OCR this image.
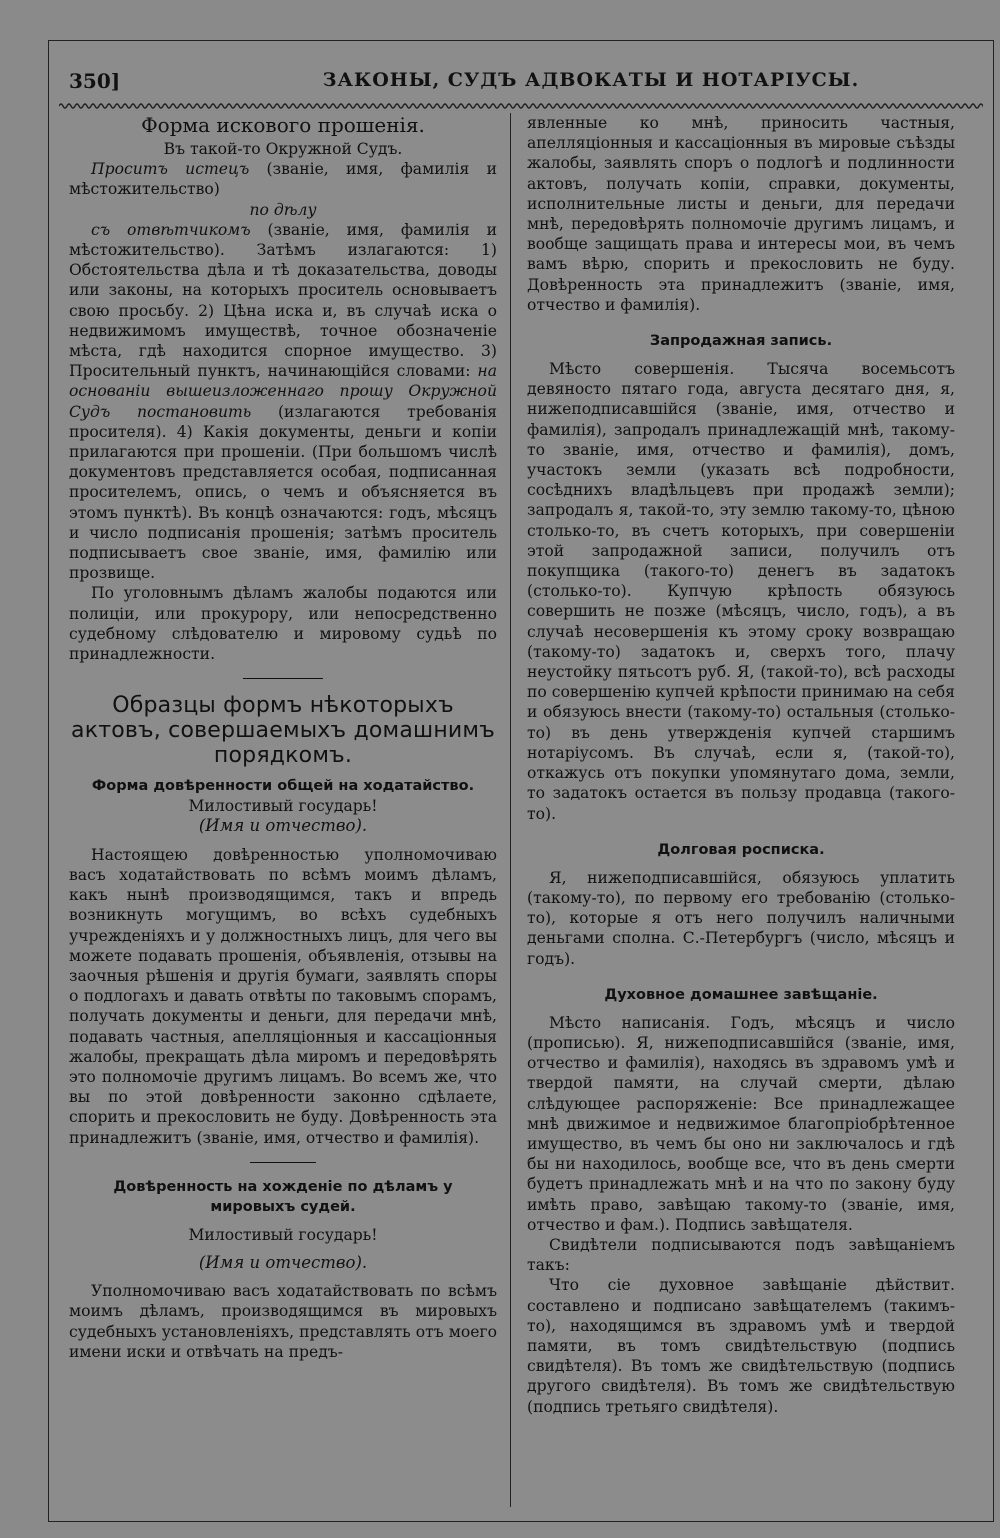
350]	ЗАКОНЫ, СУДЪ АДВОКАТЫ И НОТАРІУСЫ.

Форма искового прошенія.

Въ такой-то Окружной Судъ.

Проситъ истецъ (званіе, имя, фамилія и мѣстожительство)

по дѣлу

съ отвѣтчикомъ (званіе, имя, фамилія и мѣстожительство). Затѣмъ излагаются: 1) Обстоятельства дѣла и тѣ доказательства, доводы или законы, на которыхъ проситель основываетъ свою просьбу. 2) Цѣна иска и, въ случаѣ иска о недвижимомъ имуществѣ, точное обозначеніе мѣста, гдѣ находится спорное имущество. 3) Просительный пунктъ, начинающійся словами: на основаніи вышеизложеннаго прошу Окружной Судъ постановить (излагаются требованія просителя). 4) Какія документы, деньги и копіи прилагаются при прошеніи. (При большомъ числѣ документовъ представляется особая, подписанная просителемъ, опись, о чемъ и объясняется въ этомъ пунктѣ). Въ концѣ означаются: годъ, мѣсяцъ и число подписанія прошенія; затѣмъ проситель подписываетъ свое званіе, имя, фамилію или прозвище.

По уголовнымъ дѣламъ жалобы подаются или полиціи, или прокурору, или непосредственно судебному слѣдователю и мировому судьѣ по принадлежности.

Образцы формъ нѣкоторыхъ актовъ, совершаемыхъ домашнимъ порядкомъ.

Форма довѣренности общей на ходатайство.

Милостивый государь!

(Имя и отчество).

Настоящею довѣренностью уполномочиваю васъ ходатайствовать по всѣмъ моимъ дѣламъ, какъ нынѣ производящимся, такъ и впредь возникнуть могущимъ, во всѣхъ судебныхъ учрежденіяхъ и у должностныхъ лицъ, для чего вы можете подавать прошенія, объявленія, отзывы на заочныя рѣшенія и другія бумаги, заявлять споры о подлогахъ и давать отвѣты по таковымъ спорамъ, получать документы и деньги, для передачи мнѣ, подавать частныя, апелляціонныя и кассаціонныя жалобы, прекращать дѣла миромъ и передовѣрять это полномочіе другимъ лицамъ. Во всемъ же, что вы по этой довѣренности законно сдѣлаете, спорить и прекословить не буду. Довѣренность эта принадлежитъ (званіе, имя, отчество и фамилія).

Довѣренность на хожденіе по дѣламъ у мировыхъ судей.

Милостивый государь!

(Имя и отчество).

Уполномочиваю васъ ходатайствовать по всѣмъ моимъ дѣламъ, производящимся въ мировыхъ судебныхъ установленіяхъ, представлять отъ моего имени иски и отвѣчать на предъ-

явленные ко мнѣ, приносить частныя, апелляціонныя и кассаціонныя въ мировые съѣзды жалобы, заявлять споръ о подлогѣ и подлинности актовъ, получать копіи, справки, документы, исполнительные листы и деньги, для передачи мнѣ, передовѣрять полномочіе другимъ лицамъ, и вообще защищать права и интересы мои, въ чемъ вамъ вѣрю, спорить и прекословить не буду. Довѣренность эта принадлежитъ (званіе, имя, отчество и фамилія).

Запродажная запись.

Мѣсто совершенія. Тысяча восемьсотъ девяносто пятаго года, августа десятаго дня, я, нижеподписавшійся (званіе, имя, отчество и фамилія), запродалъ принадлежащій мнѣ, такому-то званіе, имя, отчество и фамилія), домъ, участокъ земли (указать всѣ подробности, сосѣднихъ владѣльцевъ при продажѣ земли); запродалъ я, такой-то, эту землю такому-то, цѣною столько-то, въ счетъ которыхъ, при совершеніи этой запродажной записи, получилъ отъ покупщика (такого-то) денегъ въ задатокъ (столько-то). Купчую крѣпость обязуюсь совершить не позже (мѣсяцъ, число, годъ), а въ случаѣ несовершенія къ этому сроку возвращаю (такому-то) задатокъ и, сверхъ того, плачу неустойку пятьсотъ руб. Я, (такой-то), всѣ расходы по совершенію купчей крѣпости принимаю на себя и обязуюсь внести (такому-то) остальныя (столько-то) въ день утвержденія купчей старшимъ нотаріусомъ. Въ случаѣ, если я, (такой-то), откажусь отъ покупки упомянутаго дома, земли, то задатокъ остается въ пользу продавца (такого-то).

Долговая росписка.

Я, нижеподписавшійся, обязуюсь уплатить (такому-то), по первому его требованію (столько-то), которые я отъ него получилъ наличными деньгами сполна. С.-Петербургъ (число, мѣсяцъ и годъ).

Духовное домашнее завѣщаніе.

Мѣсто написанія. Годъ, мѣсяцъ и число (прописью). Я, нижеподписавшійся (званіе, имя, отчество и фамилія), находясь въ здравомъ умѣ и твердой памяти, на случай смерти, дѣлаю слѣдующее распоряженіе: Все принадлежащее мнѣ движимое и недвижимое благопріобрѣтенное имущество, въ чемъ бы оно ни заключалось и гдѣ бы ни находилось, вообще все, что въ день смерти будетъ принадлежать мнѣ и на что по закону буду имѣть право, завѣщаю такому-то (званіе, имя, отчество и фам.). Подпись завѣщателя.

Свидѣтели подписываются подъ завѣщаніемъ такъ:

Что сіе духовное завѣщаніе дѣйствит. составлено и подписано завѣщателемъ (такимъ-то), находящимся въ здравомъ умѣ и твердой памяти, въ томъ свидѣтельствую (подпись свидѣтеля). Въ томъ же свидѣтельствую (подпись другого свидѣтеля). Въ томъ же свидѣтельствую (подпись третьяго свидѣтеля).
